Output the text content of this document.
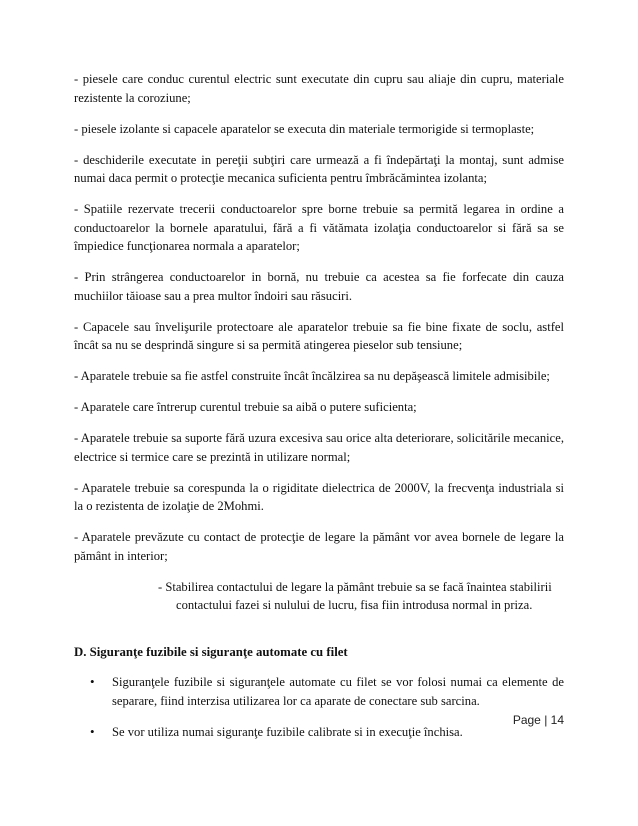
- piesele care conduc curentul electric sunt executate din cupru sau aliaje din cupru, materiale rezistente la coroziune;

- piesele izolante si capacele aparatelor se executa din materiale termorigide si termoplaste;

- deschiderile executate in pereţii subţiri care urmează a fi îndepărtaţi la montaj, sunt admise numai daca permit o protecţie mecanica suficienta pentru îmbrăcămintea izolanta;

- Spatiile rezervate trecerii conductoarelor spre borne trebuie sa permită legarea in ordine a conductoarelor la bornele aparatului, fără a fi vătămata izolaţia conductoarelor si fără sa se împiedice funcţionarea normala a aparatelor;

- Prin strângerea conductoarelor in bornă, nu trebuie ca acestea sa fie forfecate din cauza muchiilor tăioase sau a prea multor îndoiri sau răsuciri.

- Capacele sau învelişurile protectoare ale aparatelor trebuie sa fie bine fixate de soclu, astfel încât sa nu se desprindă singure si sa permită atingerea pieselor sub tensiune;

- Aparatele trebuie sa fie astfel construite încât încălzirea sa nu depăşească limitele admisibile;

- Aparatele care întrerup curentul trebuie sa aibă o putere suficienta;

- Aparatele trebuie sa suporte fără uzura excesiva sau orice alta deteriorare, solicitările mecanice, electrice si termice care se prezintă in utilizare normal;

- Aparatele trebuie sa corespunda la o rigiditate dielectrica de 2000V, la frecvenţa industriala si la o rezistenta de izolaţie de 2Mohmi.

- Aparatele prevăzute cu contact de protecţie de legare la pământ vor avea bornele de legare la pământ in interior;

- Stabilirea contactului de legare la pământ trebuie sa se facă înaintea stabilirii
contactului fazei si nulului de lucru, fisa fiin introdusa normal in priza.

D. Siguranţe fuzibile si siguranţe automate cu filet
• Siguranţele fuzibile si siguranţele automate cu filet se vor folosi numai ca elemente de separare, fiind interzisa utilizarea lor ca aparate de conectare sub sarcina.
• Se vor utiliza numai siguranţe fuzibile calibrate si in execuţie închisa.
Page | 14
